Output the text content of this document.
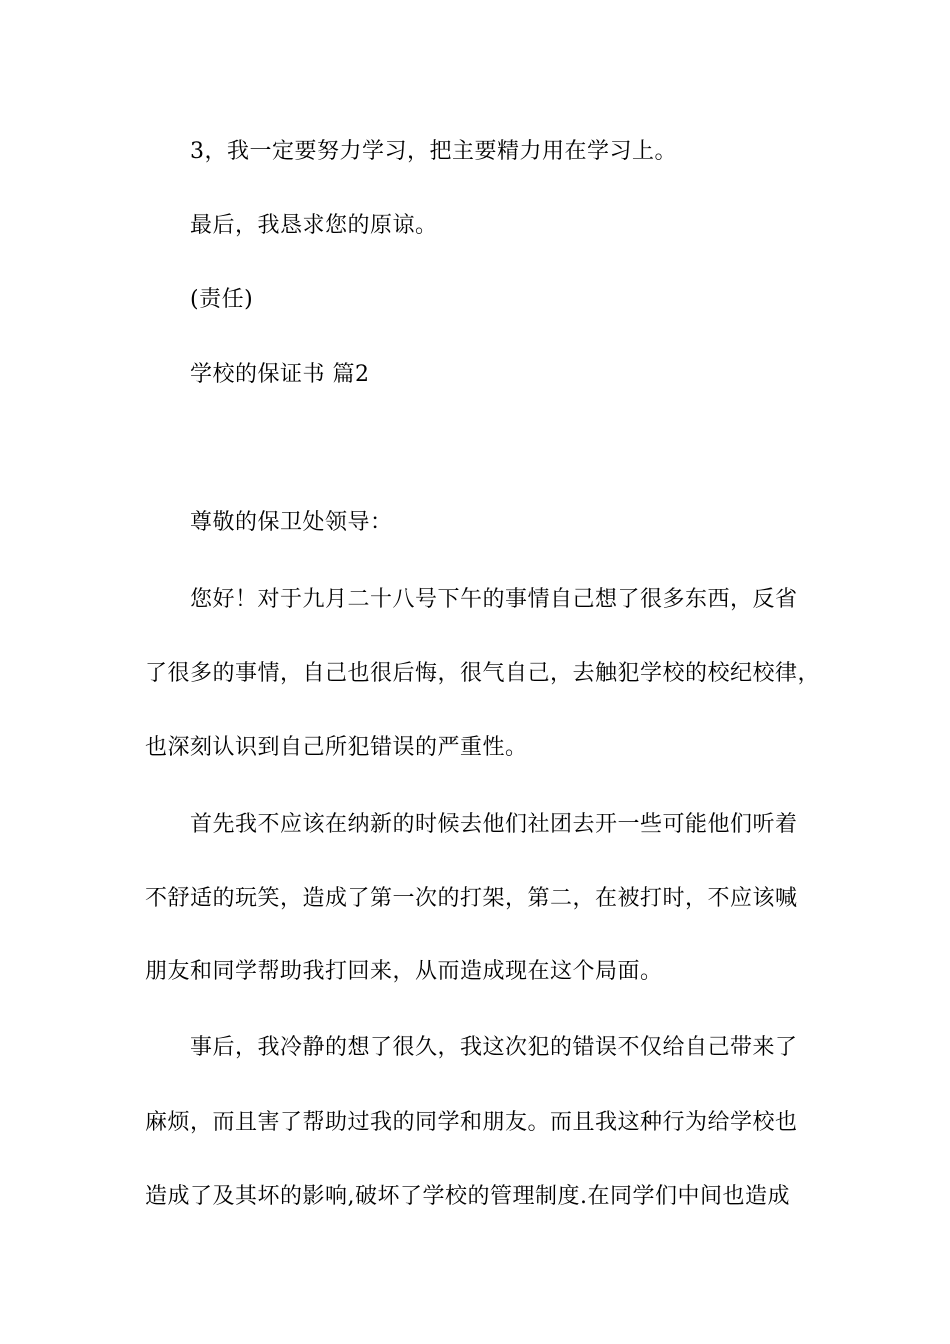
3，我一定要努力学习，把主要精力用在学习上。

最后，我恳求您的原谅。

(责任)

学校的保证书 篇2

尊敬的保卫处领导：

您好！对于九月二十八号下午的事情自己想了很多东西，反省

了很多的事情，自己也很后悔，很气自己，去触犯学校的校纪校律，

也深刻认识到自己所犯错误的严重性。

首先我不应该在纳新的时候去他们社团去开一些可能他们听着

不舒适的玩笑，造成了第一次的打架，第二，在被打时，不应该喊

朋友和同学帮助我打回来，从而造成现在这个局面。

事后，我冷静的想了很久，我这次犯的错误不仅给自己带来了

麻烦，而且害了帮助过我的同学和朋友。而且我这种行为给学校也

造成了及其坏的影响,破坏了学校的管理制度.在同学们中间也造成
